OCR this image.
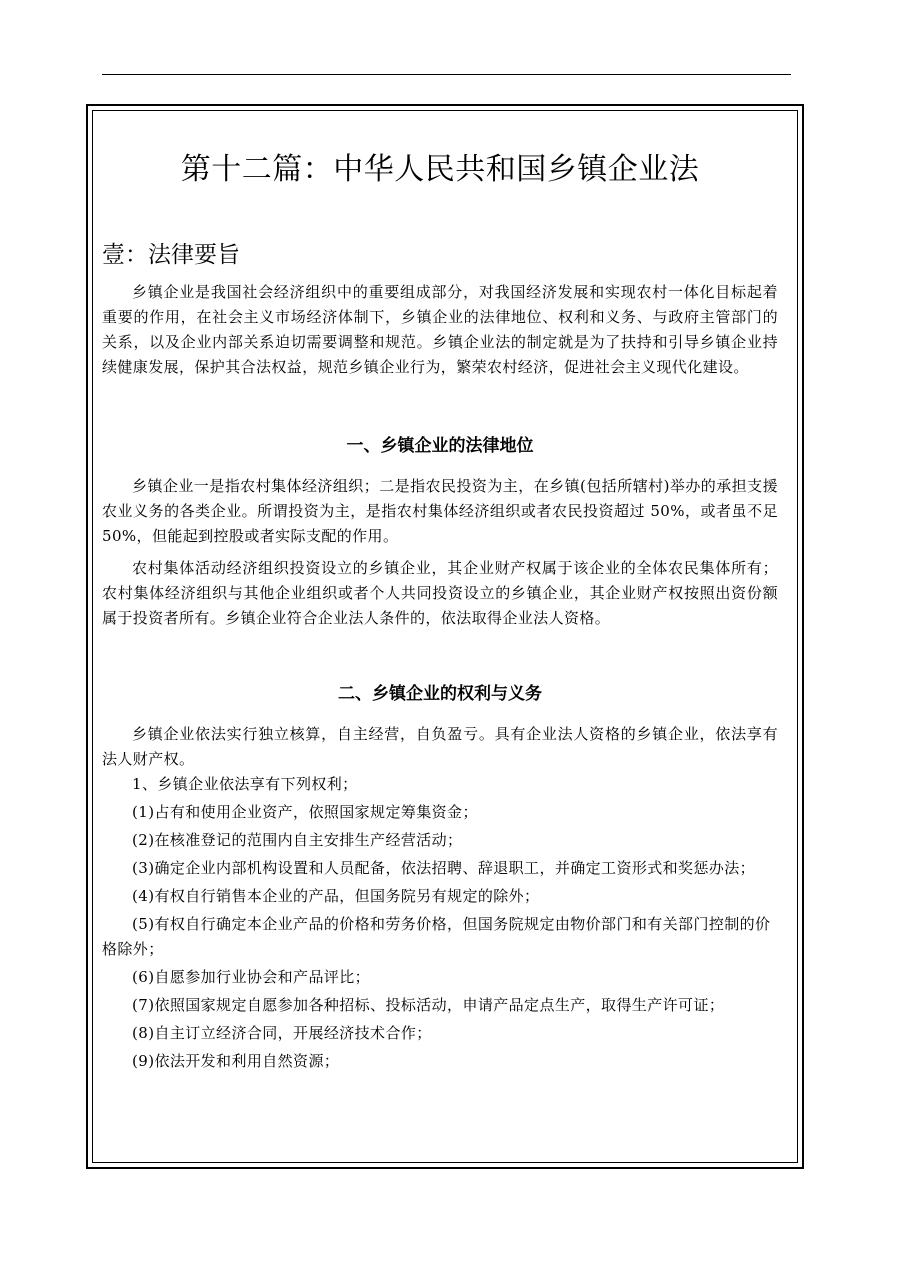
第十二篇：中华人民共和国乡镇企业法
壹：法律要旨
乡镇企业是我国社会经济组织中的重要组成部分，对我国经济发展和实现农村一体化目标起着重要的作用，在社会主义市场经济体制下，乡镇企业的法律地位、权利和义务、与政府主管部门的关系，以及企业内部关系迫切需要调整和规范。乡镇企业法的制定就是为了扶持和引导乡镇企业持续健康发展，保护其合法权益，规范乡镇企业行为，繁荣农村经济，促进社会主义现代化建设。
一、乡镇企业的法律地位
乡镇企业一是指农村集体经济组织；二是指农民投资为主，在乡镇(包括所辖村)举办的承担支援农业义务的各类企业。所谓投资为主，是指农村集体经济组织或者农民投资超过 50%，或者虽不足 50%，但能起到控股或者实际支配的作用。
农村集体活动经济组织投资设立的乡镇企业，其企业财产权属于该企业的全体农民集体所有；农村集体经济组织与其他企业组织或者个人共同投资设立的乡镇企业，其企业财产权按照出资份额属于投资者所有。乡镇企业符合企业法人条件的，依法取得企业法人资格。
二、乡镇企业的权利与义务
乡镇企业依法实行独立核算，自主经营，自负盈亏。具有企业法人资格的乡镇企业，依法享有法人财产权。
1、乡镇企业依法享有下列权利；
(1)占有和使用企业资产，依照国家规定筹集资金；
(2)在核准登记的范围内自主安排生产经营活动；
(3)确定企业内部机构设置和人员配备，依法招聘、辞退职工，并确定工资形式和奖惩办法；
(4)有权自行销售本企业的产品，但国务院另有规定的除外；
(5)有权自行确定本企业产品的价格和劳务价格，但国务院规定由物价部门和有关部门控制的价格除外；
(6)自愿参加行业协会和产品评比；
(7)依照国家规定自愿参加各种招标、投标活动，申请产品定点生产，取得生产许可证；
(8)自主订立经济合同，开展经济技术合作；
(9)依法开发和利用自然资源；
